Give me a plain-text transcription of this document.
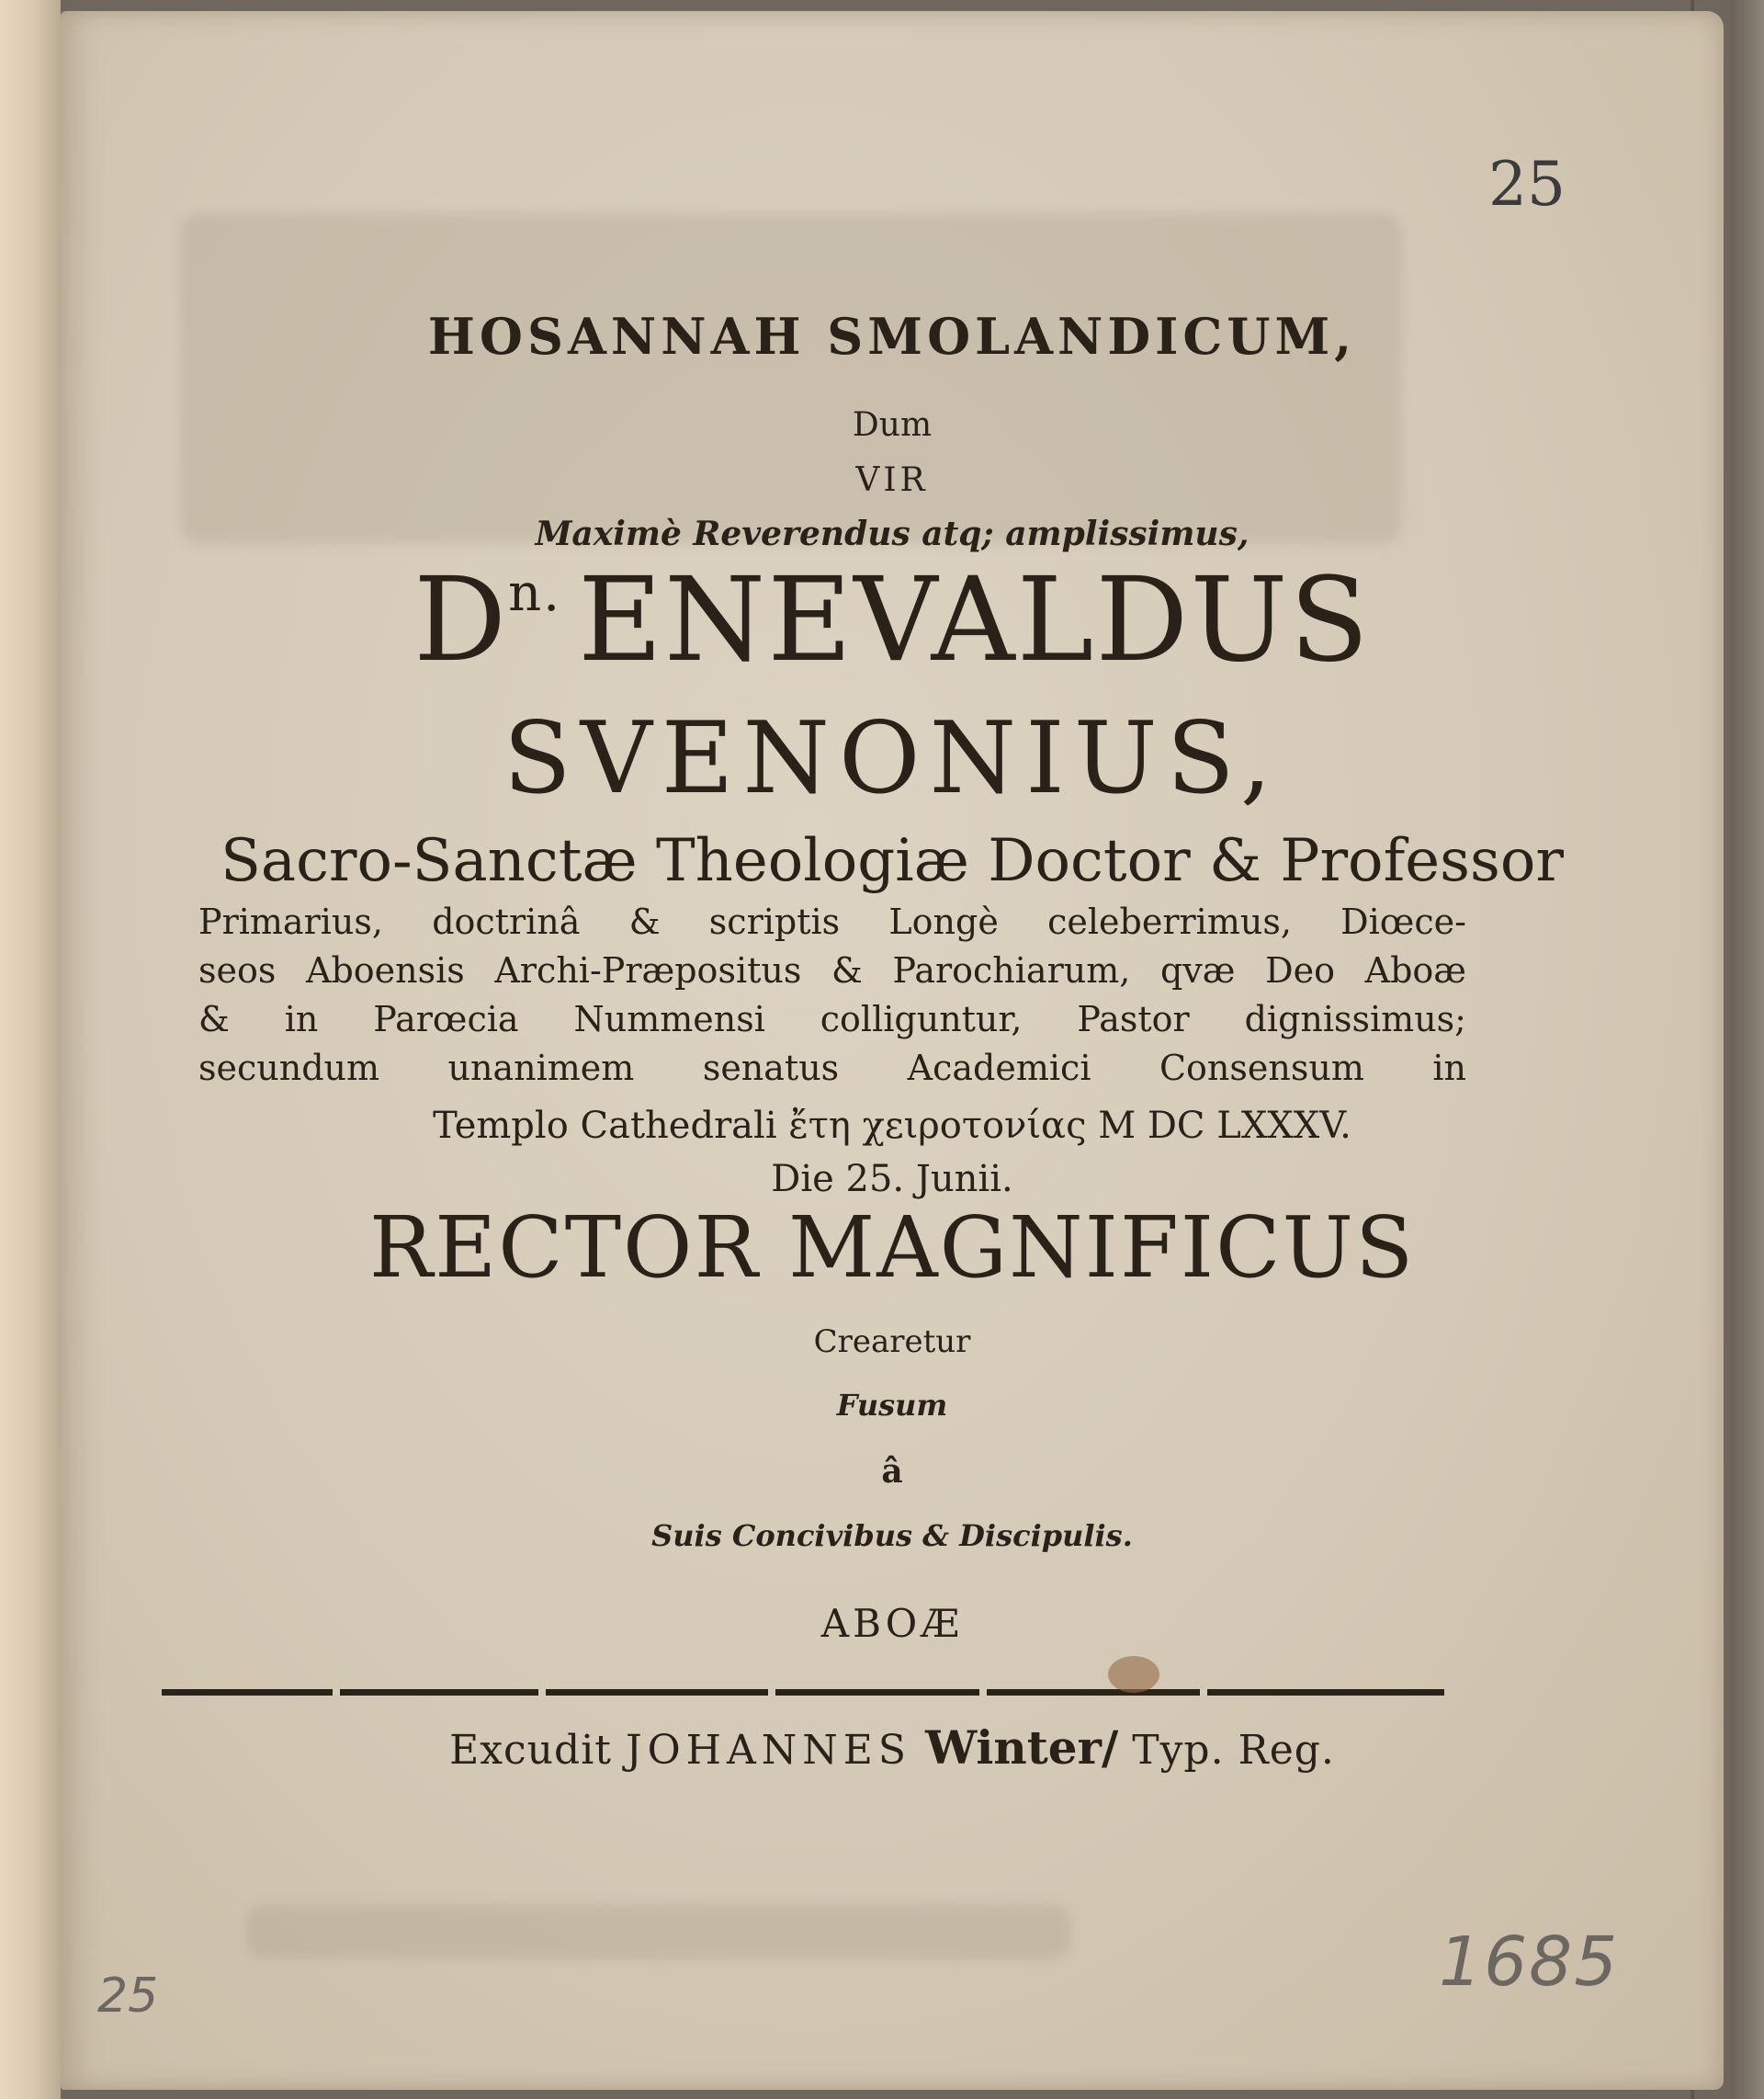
25
HOSANNAH SMOLANDICUM,
Dum
VIR
Maximè Reverendus atq; amplissimus,
$D^{n.}$ ENEVALDUS
SVENONIUS,
Sacro-Sanctæ Theologiæ Doctor & Professor
Primarius, doctrinâ & scriptis Longè celeberrimus, Diœce-
seos Aboensis Archi-Præpositus & Parochiarum, qvæ Deo Aboæ
& in Parœcia Nummensi colliguntur, Pastor dignissimus;
secundum unanimem senatus Academici Consensum in
Templo Cathedrali ἔτη χειροτονίας M DC LXXXV.
Die 25. Junii.
RECTOR MAGNIFICUS
Crearetur
Fusum
â
Suis Concivibus & Discipulis.
ABOÆ
Excudit JOHANNES Winter/ Typ. Reg.
1685
25
